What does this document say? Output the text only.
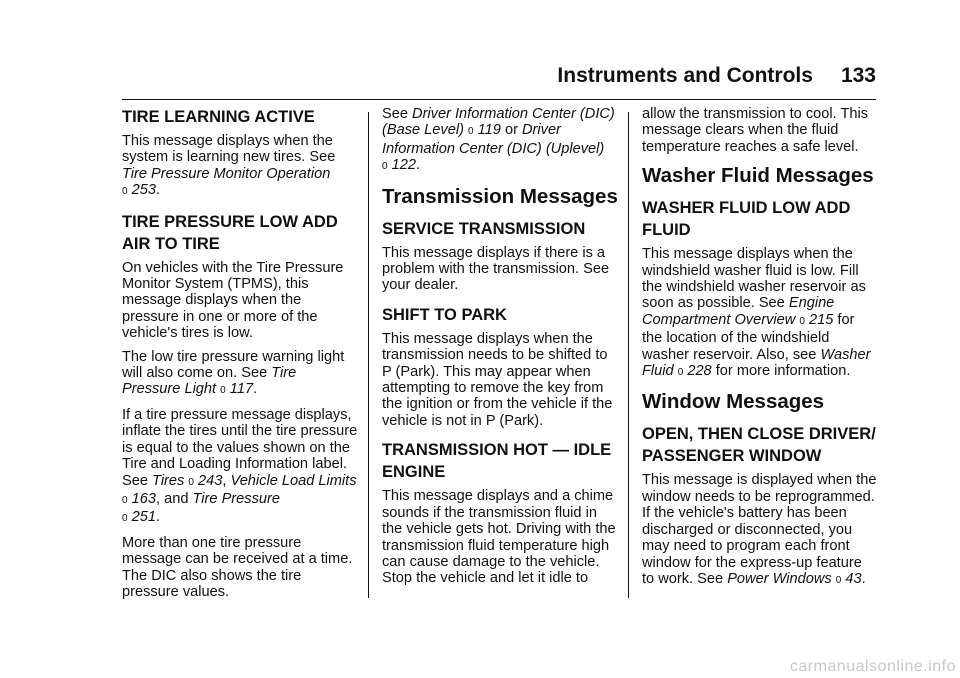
Instruments and Controls 133
TIRE LEARNING ACTIVE

This message displays when the system is learning new tires. See Tire Pressure Monitor Operation
0 253.

TIRE PRESSURE LOW ADD
AIR TO TIRE

On vehicles with the Tire Pressure Monitor System (TPMS), this message displays when the pressure in one or more of the vehicle's tires is low.

The low tire pressure warning light will also come on. See Tire Pressure Light 0 117.

If a tire pressure message displays, inflate the tires until the tire pressure is equal to the values shown on the Tire and Loading Information label. See Tires 0 243, Vehicle Load Limits 0 163, and Tire Pressure
0 251.

More than one tire pressure message can be received at a time. The DIC also shows the tire pressure values.

See Driver Information Center (DIC) (Base Level) 0 119 or Driver Information Center (DIC) (Uplevel)
0 122.

Transmission Messages
SERVICE TRANSMISSION

This message displays if there is a problem with the transmission. See your dealer.

SHIFT TO PARK

This message displays when the transmission needs to be shifted to P (Park). This may appear when attempting to remove the key from the ignition or from the vehicle if the vehicle is not in P (Park).

TRANSMISSION HOT — IDLE
ENGINE

This message displays and a chime sounds if the transmission fluid in the vehicle gets hot. Driving with the transmission fluid temperature high can cause damage to the vehicle. Stop the vehicle and let it idle to

allow the transmission to cool. This message clears when the fluid temperature reaches a safe level.

Washer Fluid Messages
WASHER FLUID LOW ADD
FLUID

This message displays when the windshield washer fluid is low. Fill the windshield washer reservoir as soon as possible. See Engine Compartment Overview 0 215 for the location of the windshield washer reservoir. Also, see Washer Fluid 0 228 for more information.

Window Messages
OPEN, THEN CLOSE DRIVER/
PASSENGER WINDOW

This message is displayed when the window needs to be reprogrammed. If the vehicle's battery has been discharged or disconnected, you may need to program each front window for the express-up feature to work. See Power Windows 0 43.

carmanualsonline.info
